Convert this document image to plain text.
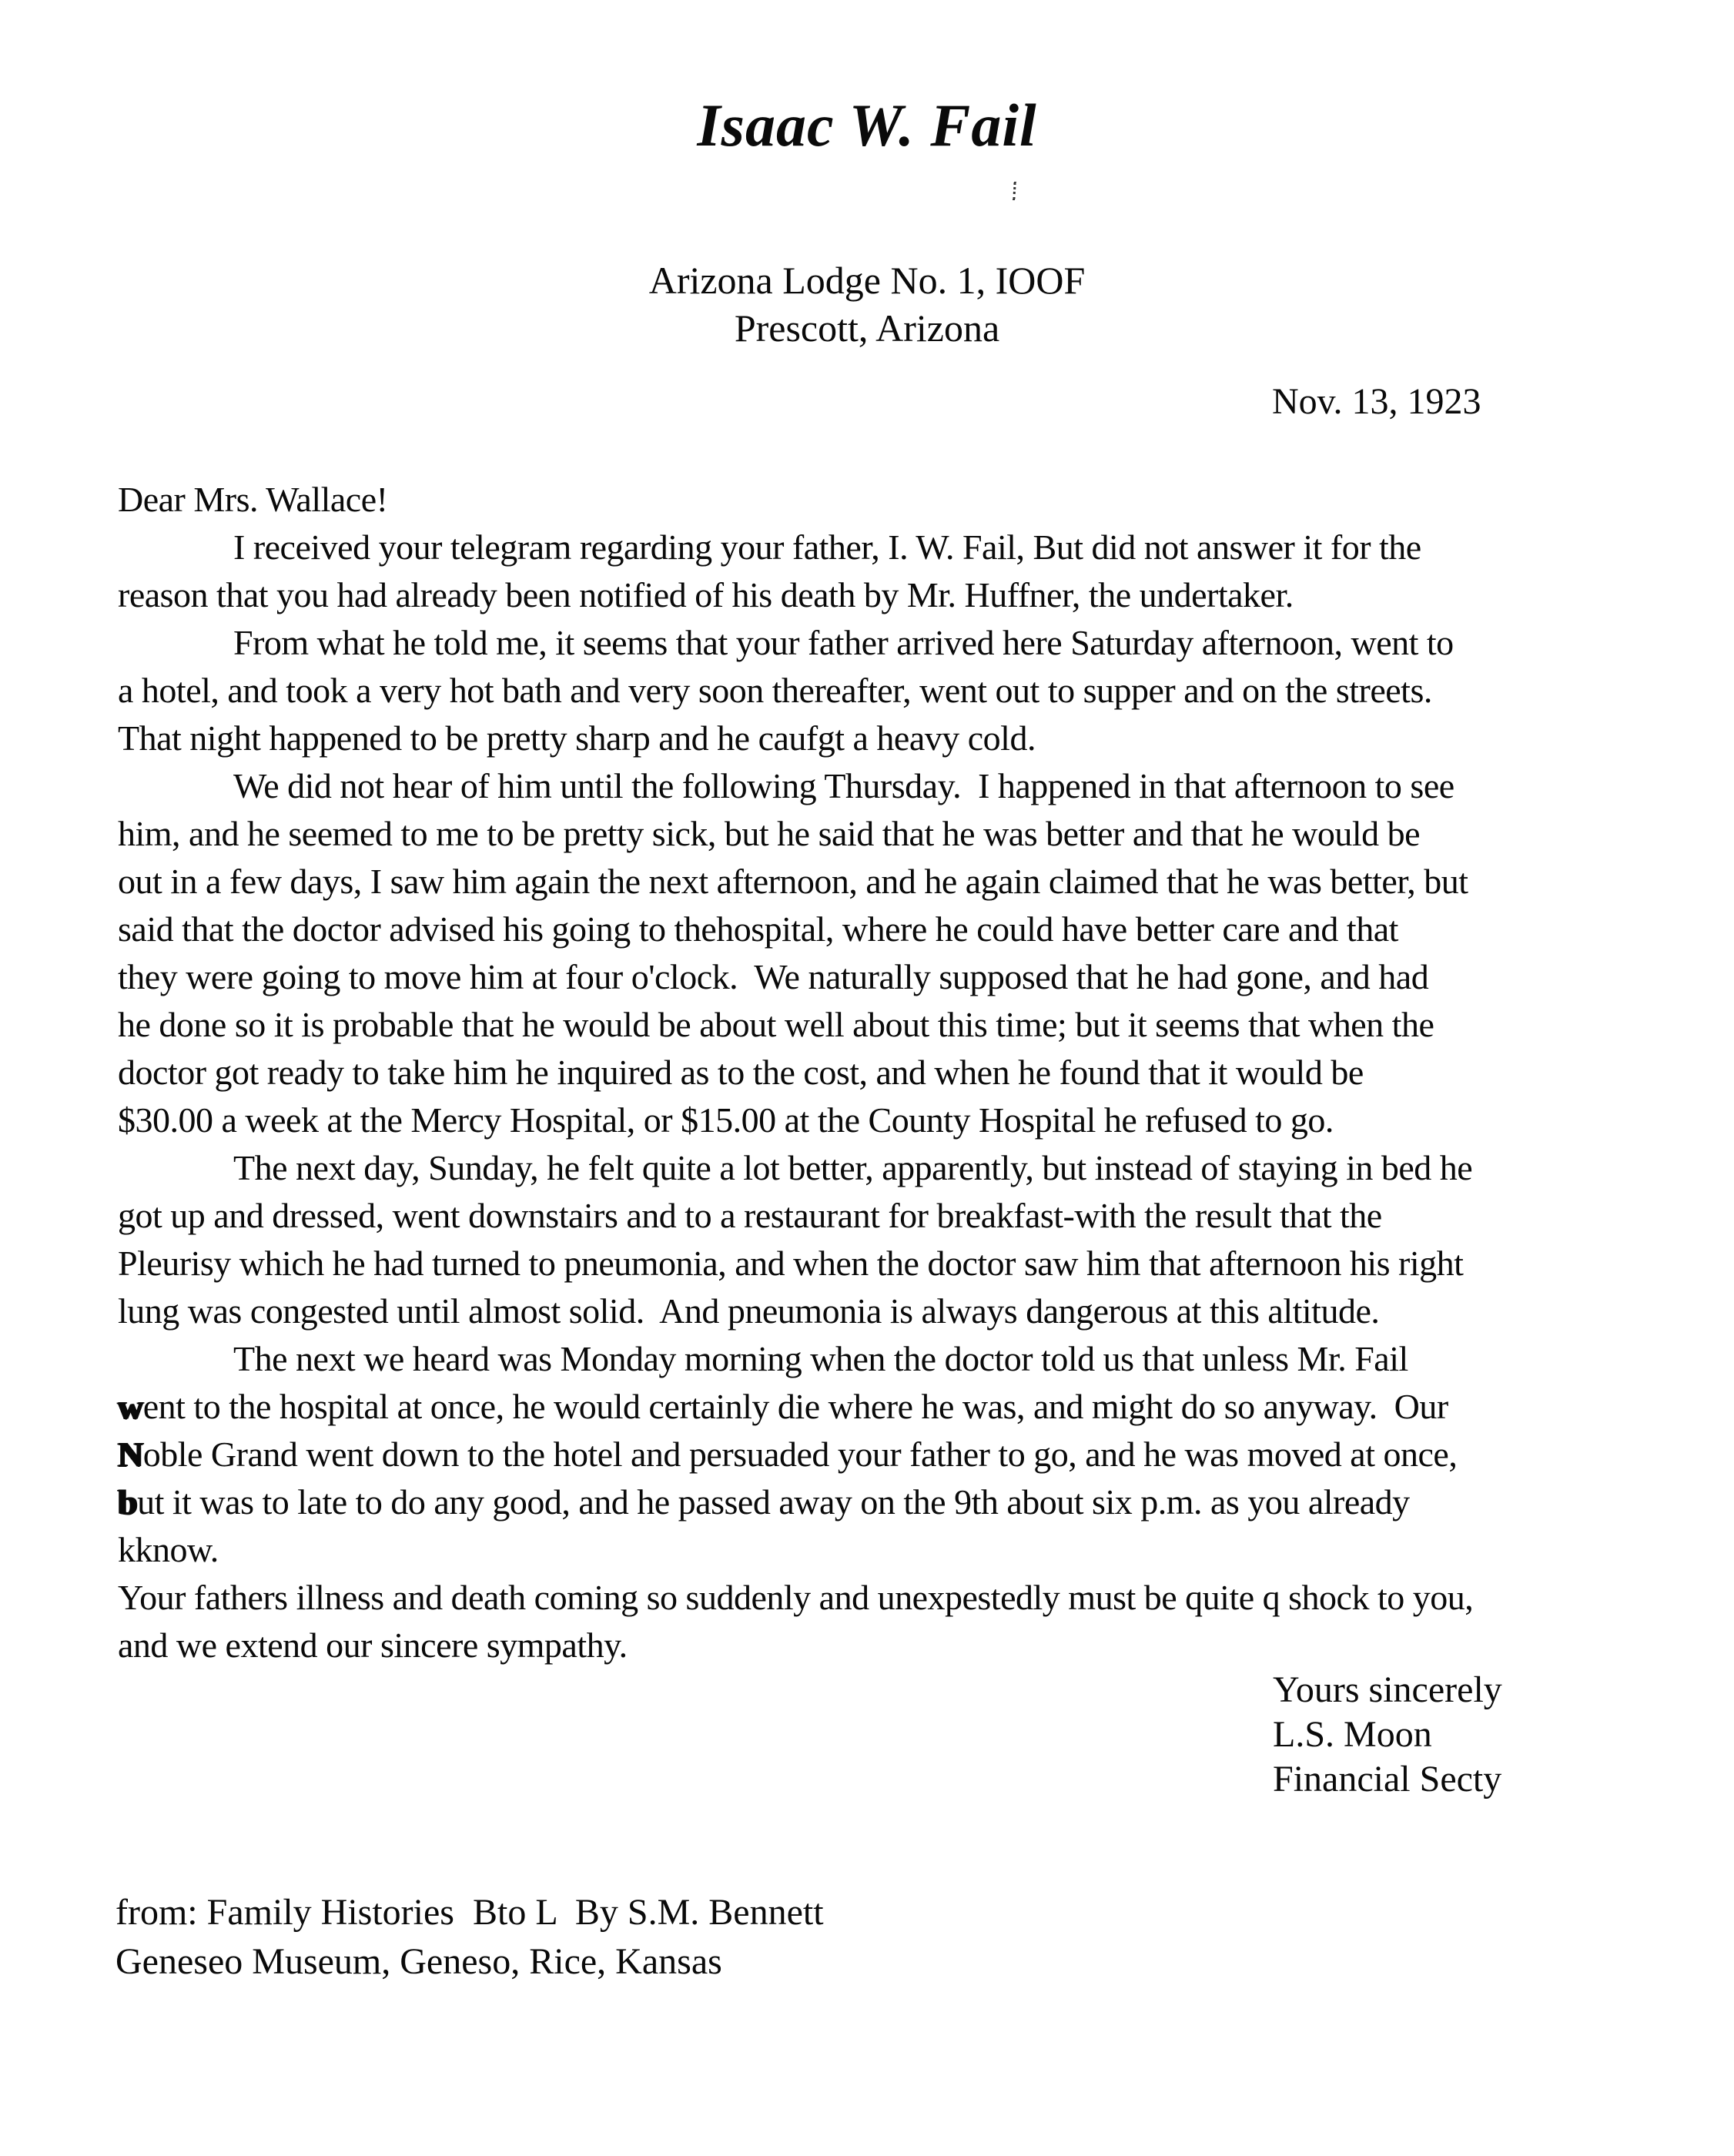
Isaac W. Fail
Arizona Lodge No. 1, IOOF
Prescott, Arizona
Nov. 13, 1923
Dear Mrs. Wallace!
I received your telegram regarding your father, I. W. Fail, But did not answer it for the
reason that you had already been notified of his death by Mr. Huffner, the undertaker.
From what he told me, it seems that your father arrived here Saturday afternoon, went to
a hotel, and took a very hot bath and very soon thereafter, went out to supper and on the streets.
That night happened to be pretty sharp and he caufgt a heavy cold.
We did not hear of him until the following Thursday.  I happened in that afternoon to see
him, and he seemed to me to be pretty sick, but he said that he was better and that he would be
out in a few days, I saw him again the next afternoon, and he again claimed that he was better, but
said that the doctor advised his going to thehospital, where he could have better care and that
they were going to move him at four o'clock.  We naturally supposed that he had gone, and had
he done so it is probable that he would be about well about this time; but it seems that when the
doctor got ready to take him he inquired as to the cost, and when he found that it would be
$30.00 a week at the Mercy Hospital, or $15.00 at the County Hospital he refused to go.
The next day, Sunday, he felt quite a lot better, apparently, but instead of staying in bed he
got up and dressed, went downstairs and to a restaurant for breakfast-with the result that the
Pleurisy which he had turned to pneumonia, and when the doctor saw him that afternoon his right
lung was congested until almost solid.  And pneumonia is always dangerous at this altitude.
The next we heard was Monday morning when the doctor told us that unless Mr. Fail
went to the hospital at once, he would certainly die where he was, and might do so anyway.  Our
Noble Grand went down to the hotel and persuaded your father to go, and he was moved at once,
but it was to late to do any good, and he passed away on the 9th about six p.m. as you already
kknow.
Your fathers illness and death coming so suddenly and unexpestedly must be quite q shock to you,
and we extend our sincere sympathy.
Yours sincerely
L.S. Moon
Financial Secty
from: Family Histories  Bto L  By S.M. Bennett
Geneseo Museum, Geneso, Rice, Kansas
